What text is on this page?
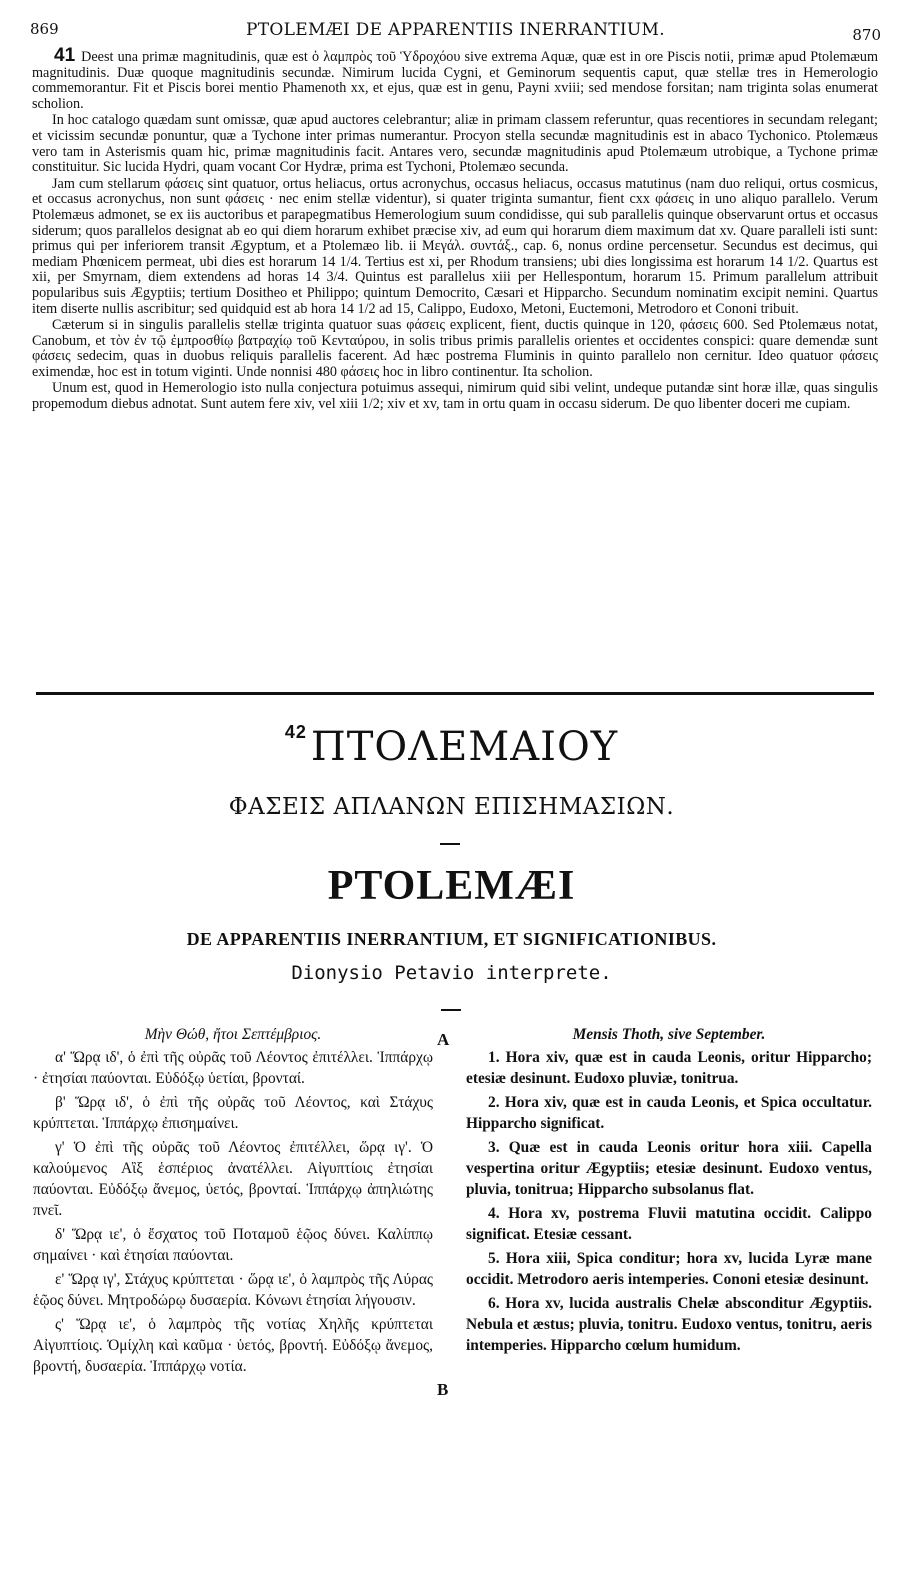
869	PTOLEMÆI DE APPARENTIIS INERRANTIUM.	870

41 Deest una primæ magnitudinis, quæ est ὁ λαμπρὸς τοῦ Ὑδροχόου sive extrema Aquæ, quæ est in ore Piscis notii, primæ apud Ptolemæum magnitudinis. Duæ quoque magnitudinis secundæ. Nimirum lucida Cygni, et Geminorum sequentis caput, quæ stellæ tres in Hemerologio commemorantur. Fit et Piscis borei mentio Phamenoth xx, et ejus, quæ est in genu, Payni xviii; sed mendose forsitan; nam triginta solas enumerat scholion.

In hoc catalogo quædam sunt omissæ, quæ apud auctores celebrantur; aliæ in primam classem referuntur, quas recentiores in secundam relegant; et vicissim secundæ ponuntur, quæ a Tychone inter primas numerantur. Procyon stella secundæ magnitudinis est in abaco Tychonico. Ptolemæus vero tam in Asterismis quam hic, primæ magnitudinis facit. Antares vero, secundæ magnitudinis apud Ptolemæum utrobique, a Tychone primæ constituitur. Sic lucida Hydri, quam vocant Cor Hydræ, prima est Tychoni, Ptolemæo secunda.

Jam cum stellarum φάσεις sint quatuor, ortus heliacus, ortus acronychus, occasus heliacus, occasus matutinus (nam duo reliqui, ortus cosmicus, et occasus acronychus, non sunt φάσεις · nec enim stellæ videntur), si quater triginta sumantur, fient cxx φάσεις in uno aliquo parallelo. Verum Ptolemæus admonet, se ex iis auctoribus et parapegmatibus Hemerologium suum condidisse, qui sub parallelis quinque observarunt ortus et occasus siderum; quos parallelos designat ab eo qui diem horarum exhibet præcise xiv, ad eum qui horarum diem maximum dat xv. Quare paralleli isti sunt: primus qui per inferiorem transit Ægyptum, et a Ptolemæo lib. ii Μεγάλ. συντάξ., cap. 6, nonus ordine percensetur. Secundus est decimus, qui mediam Phœnicem permeat, ubi dies est horarum 14 1/4. Tertius est xi, per Rhodum transiens; ubi dies longissima est horarum 14 1/2. Quartus est xii, per Smyrnam, diem extendens ad horas 14 3/4. Quintus est parallelus xiii per Hellespontum, horarum 15. Primum parallelum attribuit popularibus suis Ægyptiis; tertium Dositheo et Philippo; quintum Democrito, Cæsari et Hipparcho. Secundum nominatim excipit nemini. Quartus item diserte nullis ascribitur; sed quidquid est ab hora 14 1/2 ad 15, Calippo, Eudoxo, Metoni, Euctemoni, Metrodoro et Cononi tribuit.

Cæterum si in singulis parallelis stellæ triginta quatuor suas φάσεις explicent, fient, ductis quinque in 120, φάσεις 600. Sed Ptolemæus notat, Canobum, et τὸν ἐν τῷ ἐμπροσθίῳ βατραχίῳ τοῦ Κενταύρου, in solis tribus primis parallelis orientes et occidentes conspici: quare demendæ sunt φάσεις sedecim, quas in duobus reliquis parallelis facerent. Ad hæc postrema Fluminis in quinto parallelo non cernitur. Ideo quatuor φάσεις eximendæ, hoc est in totum viginti. Unde nonnisi 480 φάσεις hoc in libro continentur. Ita scholion.

Unum est, quod in Hemerologio isto nulla conjectura potuimus assequi, nimirum quid sibi velint, undeque putandæ sint horæ illæ, quas singulis propemodum diebus adnotat. Sunt autem fere xiv, vel xiii 1/2; xiv et xv, tam in ortu quam in occasu siderum. De quo libenter doceri me cupiam.

$^{42}$ ΠΤΟΛΕΜΑΙΟΥ
ΦΑΣΕΙΣ ΑΠΛΑΝΩΝ ΕΠΙΣΗΜΑΣΙΩΝ.
PTOLEMÆI
DE APPARENTIIS INERRANTIUM, ET SIGNIFICATIONIBUS.
Dionysio Petavio interprete.
A
B
Μὴν Θώθ, ἤτοι Σεπτέμβριος.

α' Ὥρᾳ ιδ', ὁ ἐπὶ τῆς οὐρᾶς τοῦ Λέοντος ἐπιτέλλει. Ἱππάρχῳ · ἐτησίαι παύονται. Εὐδόξῳ ὑετίαι, βρονταί.

β' Ὥρᾳ ιδ', ὁ ἐπὶ τῆς οὐρᾶς τοῦ Λέοντος, καὶ Στάχυς κρύπτεται. Ἱππάρχῳ ἐπισημαίνει.

γ' Ὁ ἐπὶ τῆς οὐρᾶς τοῦ Λέοντος ἐπιτέλλει, ὥρᾳ ιγ'. Ὁ καλούμενος Αἲξ ἑσπέριος ἀνατέλλει. Αἰγυπτίοις ἐτησίαι παύονται. Εὐδόξῳ ἄνεμος, ὑετός, βρονταί. Ἱππάρχῳ ἀπηλιώτης πνεῖ.

δ' Ὥρᾳ ιε', ὁ ἔσχατος τοῦ Ποταμοῦ ἑῷος δύνει. Καλίππῳ σημαίνει · καὶ ἐτησίαι παύονται.

ε' Ὥρᾳ ιγ', Στάχυς κρύπτεται · ὥρᾳ ιε', ὁ λαμπρὸς τῆς Λύρας ἑῷος δύνει. Μητροδώρῳ δυσαερία. Κόνωνι ἐτησίαι λήγουσιν.

ς' Ὥρᾳ ιε', ὁ λαμπρὸς τῆς νοτίας Χηλῆς κρύπτεται Αἰγυπτίοις. Ὁμίχλη καὶ καῦμα · ὑετός, βροντή. Εὐδόξῳ ἄνεμος, βροντή, δυσαερία. Ἱππάρχῳ νοτία.

Mensis Thoth, sive September.

1. Hora xiv, quæ est in cauda Leonis, oritur Hipparcho; etesiæ desinunt. Eudoxo pluviæ, tonitrua.

2. Hora xiv, quæ est in cauda Leonis, et Spica occultatur. Hipparcho significat.

3. Quæ est in cauda Leonis oritur hora xiii. Capella vespertina oritur Ægyptiis; etesiæ desinunt. Eudoxo ventus, pluvia, tonitrua; Hipparcho subsolanus flat.

4. Hora xv, postrema Fluvii matutina occidit. Calippo significat. Etesiæ cessant.

5. Hora xiii, Spica conditur; hora xv, lucida Lyræ mane occidit. Metrodoro aeris intemperies. Cononi etesiæ desinunt.

6. Hora xv, lucida australis Chelæ absconditur Ægyptiis. Nebula et æstus; pluvia, tonitru. Eudoxo ventus, tonitru, aeris intemperies. Hipparcho cœlum humidum.
